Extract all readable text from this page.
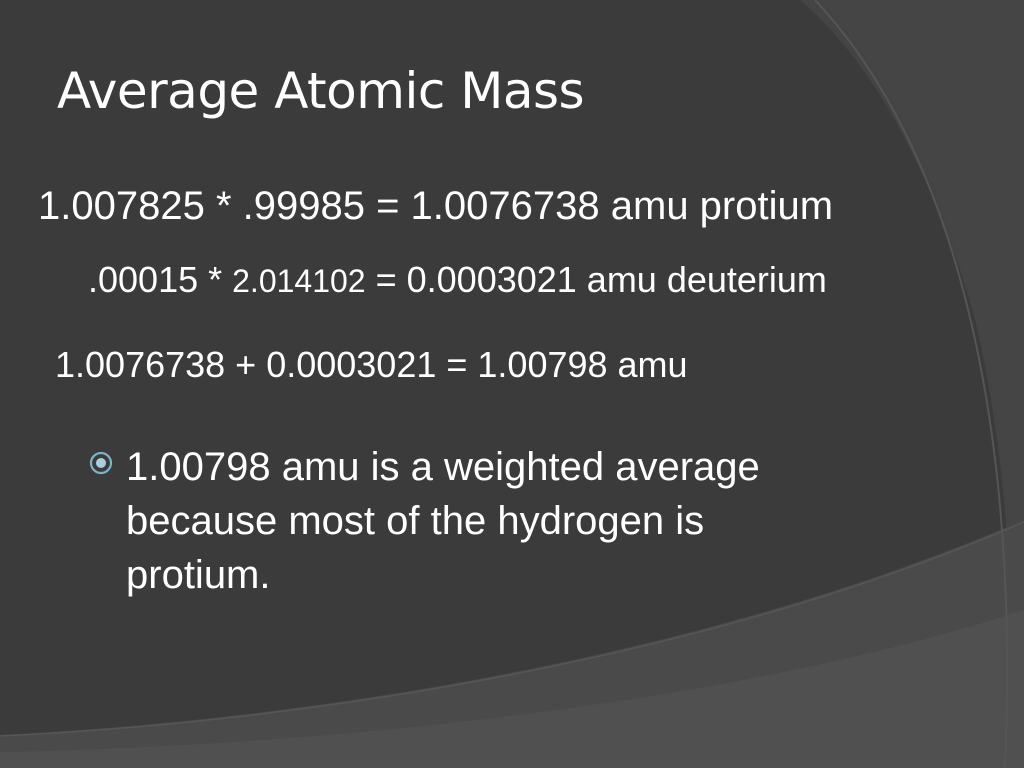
Average Atomic Mass
1.007825 * .99985 = 1.0076738 amu protium
.00015 * 2.014102 = 0.0003021 amu deuterium
1.0076738 + 0.0003021 = 1.00798 amu
1.00798 amu is a weighted average because most of the hydrogen is protium.
